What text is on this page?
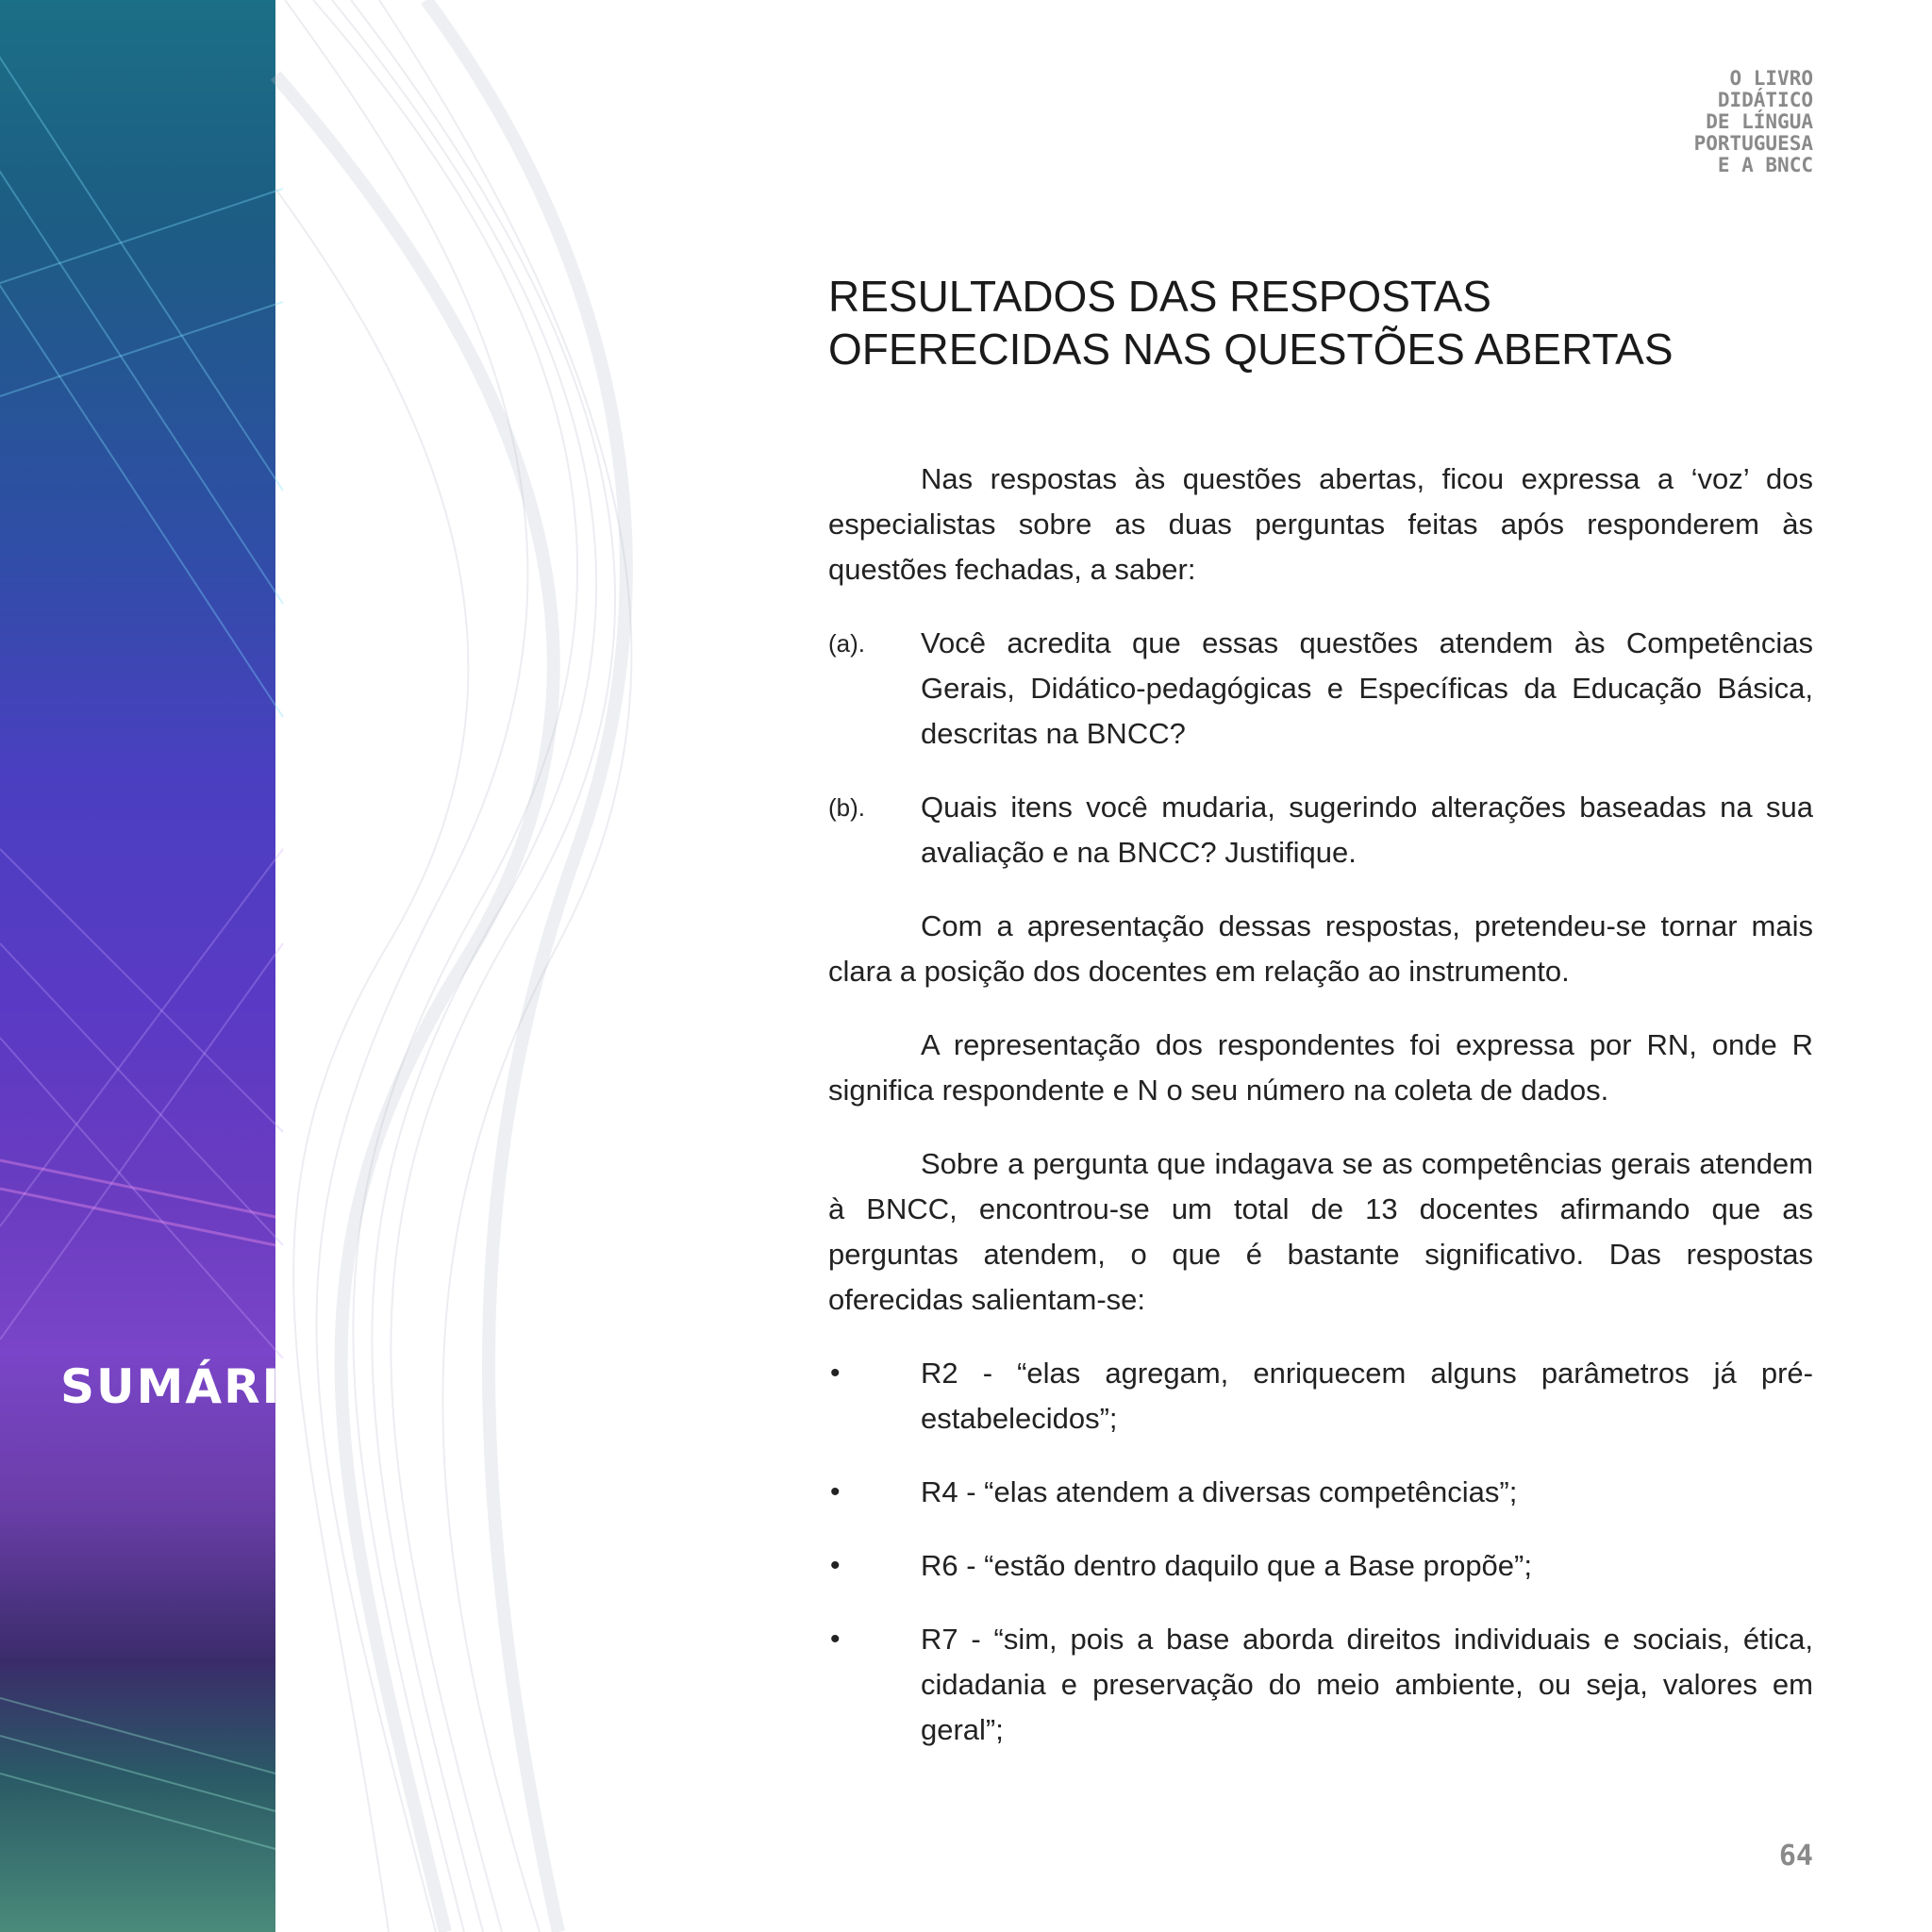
SUMÁRIO
O LIVRO
DIDÁTICO
DE LÍNGUA
PORTUGUESA
E A BNCC
RESULTADOS DAS RESPOSTAS
OFERECIDAS NAS QUESTÕES ABERTAS

Nas respostas às questões abertas, ficou expressa a ‘voz’ dos especialistas sobre as duas perguntas feitas após responderem às questões fechadas, a saber:

(a).	Você acredita que essas questões atendem às Competências Gerais, Didático-pedagógicas e Específicas da Educação Básica, descritas na BNCC?
(b).	Quais itens você mudaria, sugerindo alterações baseadas na sua avaliação e na BNCC? Justifique.

Com a apresentação dessas respostas, pretendeu-se tornar mais clara a posição dos docentes em relação ao instrumento.

A representação dos respondentes foi expressa por RN, onde R significa respondente e N o seu número na coleta de dados.

Sobre a pergunta que indagava se as competências gerais atendem à BNCC, encontrou-se um total de 13 docentes afirmando que as perguntas atendem, o que é bastante significativo. Das respostas oferecidas salientam-se:

•	R2 - “elas agregam, enriquecem alguns parâmetros já pré-estabelecidos”;
•	R4 - “elas atendem a diversas competências”;
•	R6 - “estão dentro daquilo que a Base propõe”;
•	R7 - “sim, pois a base aborda direitos individuais e sociais, ética, cidadania e preservação do meio ambiente, ou seja, valores em geral”;
64
